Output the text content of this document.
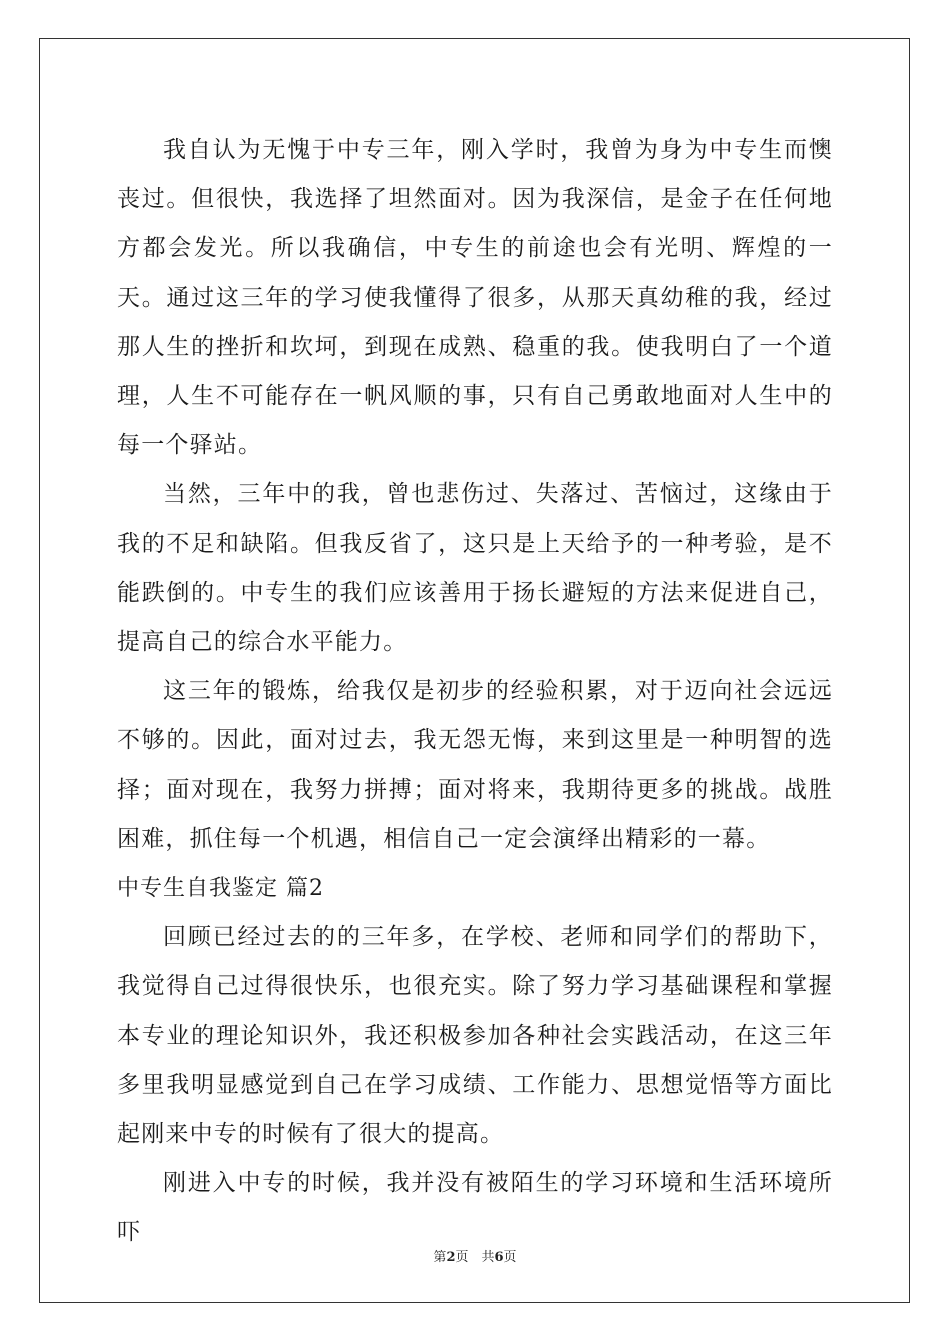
我自认为无愧于中专三年，刚入学时，我曾为身为中专生而懊丧过。但很快，我选择了坦然面对。因为我深信，是金子在任何地方都会发光。所以我确信，中专生的前途也会有光明、辉煌的一天。通过这三年的学习使我懂得了很多，从那天真幼稚的我，经过那人生的挫折和坎坷，到现在成熟、稳重的我。使我明白了一个道理，人生不可能存在一帆风顺的事，只有自己勇敢地面对人生中的每一个驿站。

当然，三年中的我，曾也悲伤过、失落过、苦恼过，这缘由于我的不足和缺陷。但我反省了，这只是上天给予的一种考验，是不能跌倒的。中专生的我们应该善用于扬长避短的方法来促进自己，提高自己的综合水平能力。

这三年的锻炼，给我仅是初步的经验积累，对于迈向社会远远不够的。因此，面对过去，我无怨无悔，来到这里是一种明智的选择；面对现在，我努力拼搏；面对将来，我期待更多的挑战。战胜困难，抓住每一个机遇，相信自己一定会演绎出精彩的一幕。

中专生自我鉴定 篇2

回顾已经过去的的三年多，在学校、老师和同学们的帮助下，我觉得自己过得很快乐，也很充实。除了努力学习基础课程和掌握本专业的理论知识外，我还积极参加各种社会实践活动，在这三年多里我明显感觉到自己在学习成绩、工作能力、思想觉悟等方面比起刚来中专的时候有了很大的提高。

刚进入中专的时候，我并没有被陌生的学习环境和生活环境所吓

第2页　共6页
